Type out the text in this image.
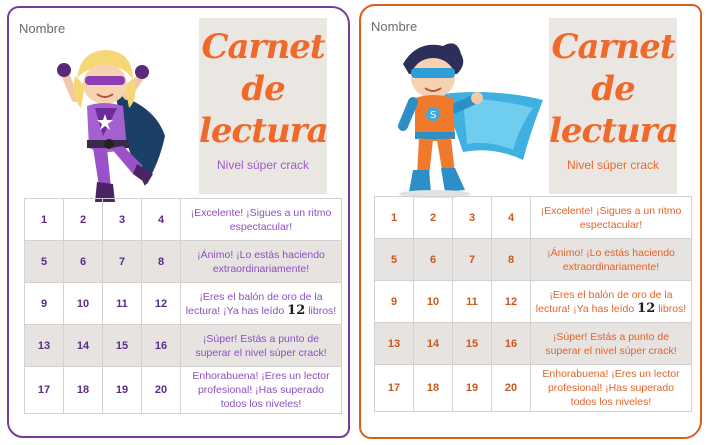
Nombre	Carnet
de
lectura
Nivel súper crack
1	2	3	4	¡Excelente! ¡Sigues a un ritmo espectacular!
5	6	7	8	¡Ánimo! ¡Lo estás haciendo extraordinariamente!
9	10	11	12	¡Eres el balón de oro de la lectura! ¡Ya has leído 12 libros!
13	14	15	16	¡Súper! Estás a punto de superar el nivel súper crack!
17	18	19	20	Enhorabuena! ¡Eres un lector profesional! ¡Has superado todos los niveles!
Nombre
S
Carnet
de
lectura
Nivel súper crack
1	2	3	4	¡Excelente! ¡Sigues a un ritmo espectacular!
5	6	7	8	¡Ánimo! ¡Lo estás haciendo extraordinariamente!
9	10	11	12	¡Eres el balón de oro de la lectura! ¡Ya has leído 12 libros!
13	14	15	16	¡Súper! Estás a punto de superar el nivel súper crack!
17	18	19	20	Enhorabuena! ¡Eres un lector profesional! ¡Has superado todos los niveles!
